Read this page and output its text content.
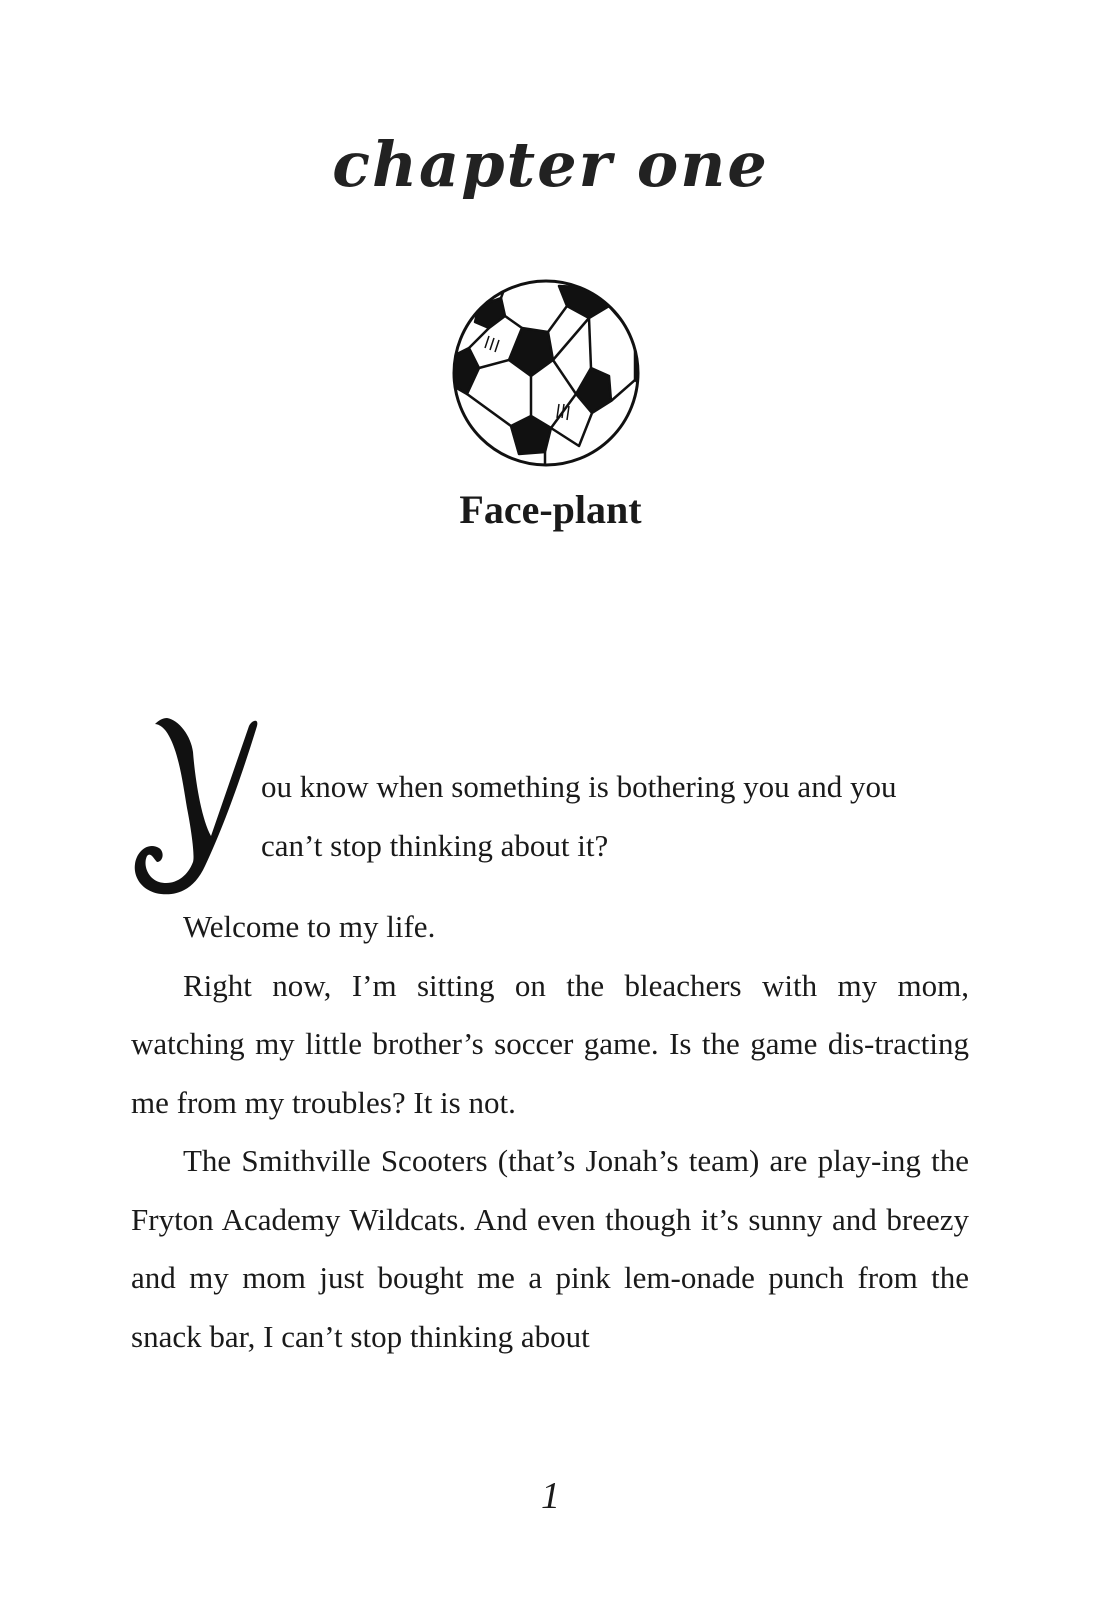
chapter one
Face-plant
Y

ou know when something is bothering you and you
can’t stop thinking about it?

Welcome to my life.

Right now, I’m sitting on the bleachers with my mom, watching my little brother’s soccer game. Is the game dis-tracting me from my troubles? It is not.

The Smithville Scooters (that’s Jonah’s team) are play-ing the Fryton Academy Wildcats. And even though it’s sunny and breezy and my mom just bought me a pink lem-onade punch from the snack bar, I can’t stop thinking about

1
